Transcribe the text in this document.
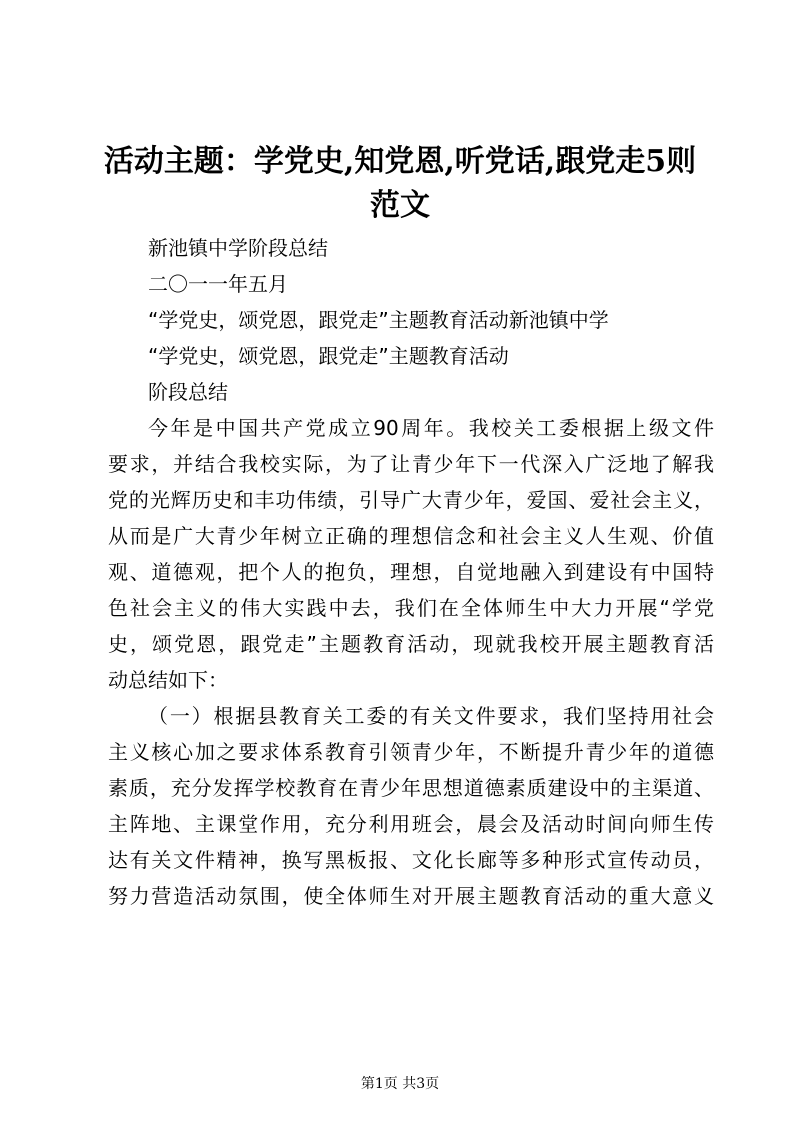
活动主题：学党史,知党恩,听党话,跟党走5则范文

新池镇中学阶段总结

二〇一一年五月

“学党史，颂党恩，跟党走”主题教育活动新池镇中学

“学党史，颂党恩，跟党走”主题教育活动

阶段总结

今年是中国共产党成立90周年。我校关工委根据上级文件

要求，并结合我校实际，为了让青少年下一代深入广泛地了解我

党的光辉历史和丰功伟绩，引导广大青少年，爱国、爱社会主义，

从而是广大青少年树立正确的理想信念和社会主义人生观、价值

观、道德观，把个人的抱负，理想，自觉地融入到建设有中国特

色社会主义的伟大实践中去，我们在全体师生中大力开展“学党

史，颂党恩，跟党走”主题教育活动，现就我校开展主题教育活

动总结如下：

（一）根据县教育关工委的有关文件要求，我们坚持用社会

主义核心加之要求体系教育引领青少年，不断提升青少年的道德

素质，充分发挥学校教育在青少年思想道德素质建设中的主渠道、

主阵地、主课堂作用，充分利用班会，晨会及活动时间向师生传

达有关文件精神，换写黑板报、文化长廊等多种形式宣传动员，

努力营造活动氛围，使全体师生对开展主题教育活动的重大意义

第1页 共3页
